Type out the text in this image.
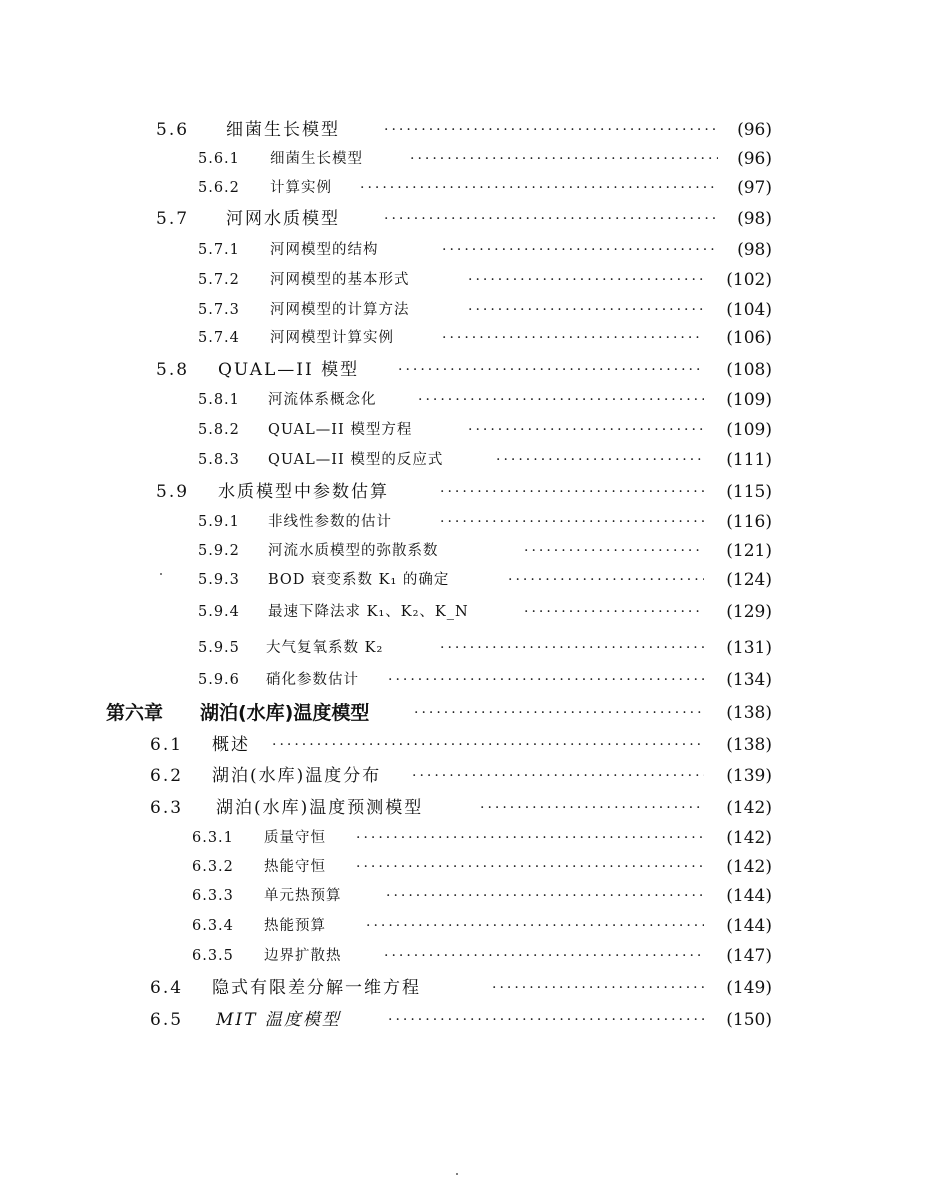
5.6 细菌生长模型 ·····	(96)
5.6.1 细菌生长模型 ·····	(96)
5.6.2 计算实例 ·····	(97)
5.7 河网水质模型 ·····	(98)
5.7.1 河网模型的结构 ·····	(98)
5.7.2 河网模型的基本形式 ·····	(102)
5.7.3 河网模型的计算方法 ·····	(104)
5.7.4 河网模型计算实例 ·····	(106)
5.8 QUAL—II 模型 ·····	(108)
5.8.1 河流体系概念化 ·····	(109)
5.8.2 QUAL—II 模型方程 ·····	(109)
5.8.3 QUAL—II 模型的反应式 ·····	(111)
5.9 水质模型中参数估算 ·····	(115)
5.9.1 非线性参数的估计 ·····	(116)
5.9.2 河流水质模型的弥散系数 ·····	(121)
5.9.3 BOD 衰变系数 K₁ 的确定 ·····	(124)
5.9.4 最速下降法求 K₁、K₂、K_N ·····	(129)
5.9.5 大气复氧系数 K₂ ·····	(131)
5.9.6 硝化参数估计 ·····	(134)
第六章 湖泊(水库)温度模型 ·····	(138)
6.1 概述 ·····	(138)
6.2 湖泊(水库)温度分布 ·····	(139)
6.3 湖泊(水库)温度预测模型 ·····	(142)
6.3.1 质量守恒 ·····	(142)
6.3.2 热能守恒 ·····	(142)
6.3.3 单元热预算 ·····	(144)
6.3.4 热能预算 ·····	(144)
6.3.5 边界扩散热 ·····	(147)
6.4 隐式有限差分解一维方程 ·····	(149)
6.5 MIT 温度模型 ·····	(150)
